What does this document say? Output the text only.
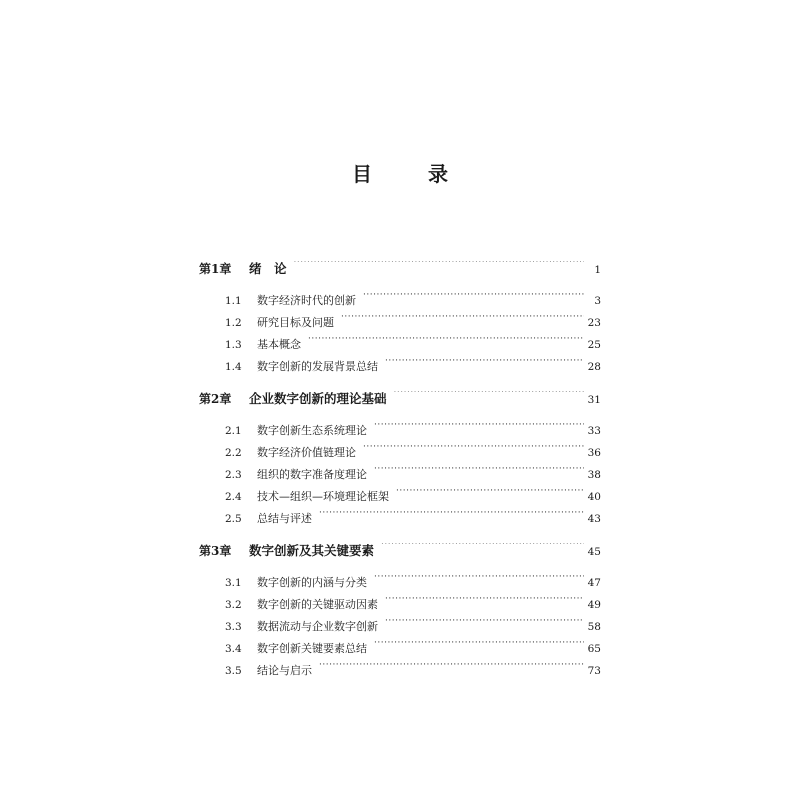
目　录
第1章	绪　论 ·····	1
1.1	数字经济时代的创新 ·····	3
1.2	研究目标及问题 ·····	23
1.3	基本概念 ·····	25
1.4	数字创新的发展背景总结 ·····	28
第2章	企业数字创新的理论基础 ·····	31
2.1	数字创新生态系统理论 ·····	33
2.2	数字经济价值链理论 ·····	36
2.3	组织的数字准备度理论 ·····	38
2.4	技术—组织—环境理论框架 ·····	40
2.5	总结与评述 ·····	43
第3章	数字创新及其关键要素 ·····	45
3.1	数字创新的内涵与分类 ·····	47
3.2	数字创新的关键驱动因素 ·····	49
3.3	数据流动与企业数字创新 ·····	58
3.4	数字创新关键要素总结 ·····	65
3.5	结论与启示 ·····	73
